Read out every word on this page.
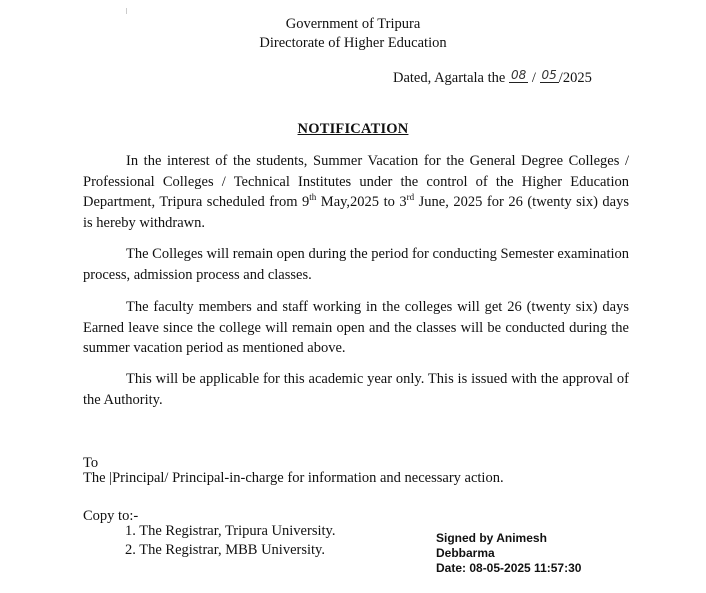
Government of Tripura
Directorate of Higher Education
Dated, Agartala the 08 / 05 /2025
NOTIFICATION

In the interest of the students, Summer Vacation for the General Degree Colleges / Professional Colleges / Technical Institutes under the control of the Higher Education Department, Tripura scheduled from 9th May,2025 to 3rd June, 2025 for 26 (twenty six) days is hereby withdrawn.

The Colleges will remain open during the period for conducting Semester examination process, admission process and classes.

The faculty members and staff working in the colleges will get 26 (twenty six) days Earned leave since the college will remain open and the classes will be conducted during the summer vacation period as mentioned above.

This will be applicable for this academic year only. This is issued with the approval of the Authority.

To
The |Principal/ Principal-in-charge for information and necessary action.
Copy to:-
1. The Registrar, Tripura University.
2. The Registrar, MBB University.
Signed by Animesh
Debbarma
Date: 08-05-2025 11:57:30
